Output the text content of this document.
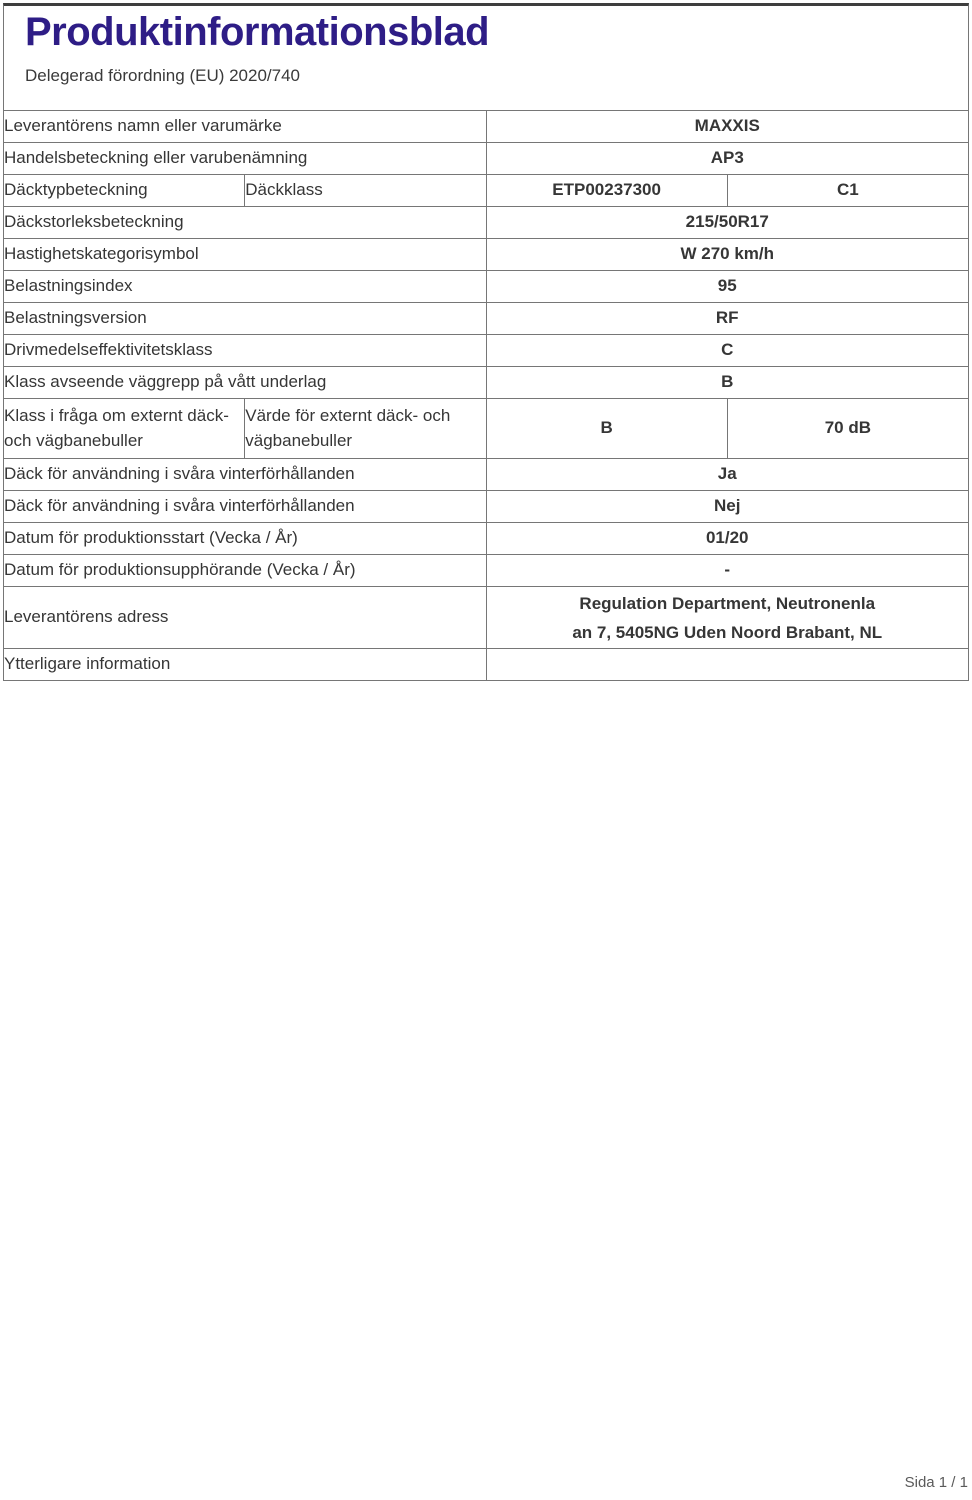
Produktinformationsblad
Delegerad förordning (EU) 2020/740
Leverantörens namn eller varumärke		MAXXIS	
Handelsbeteckning eller varubenämning		AP3	
Däcktypbeteckning	Däckklass	ETP00237300	C1
Däckstorleksbeteckning		215/50R17	
Hastighetskategorisymbol		W 270 km/h	
Belastningsindex		95	
Belastningsversion		RF	
Drivmedelseffektivitetsklass		C	
Klass avseende väggrepp på vått underlag		B	
Klass i fråga om externt däck- och vägbanebuller	Värde för externt däck- och vägbanebuller	B	70 dB
Däck för användning i svåra vinterförhållanden		Ja	
Däck för användning i svåra vinterförhållanden		Nej	
Datum för produktionsstart (Vecka / År)		01/20	
Datum för produktionsupphörande (Vecka / År)		-	
Leverantörens adress		Regulation Department, Neutronenla
an 7, 5405NG Uden Noord Brabant, NL	

Ytterligare information			
Sida 1 / 1
